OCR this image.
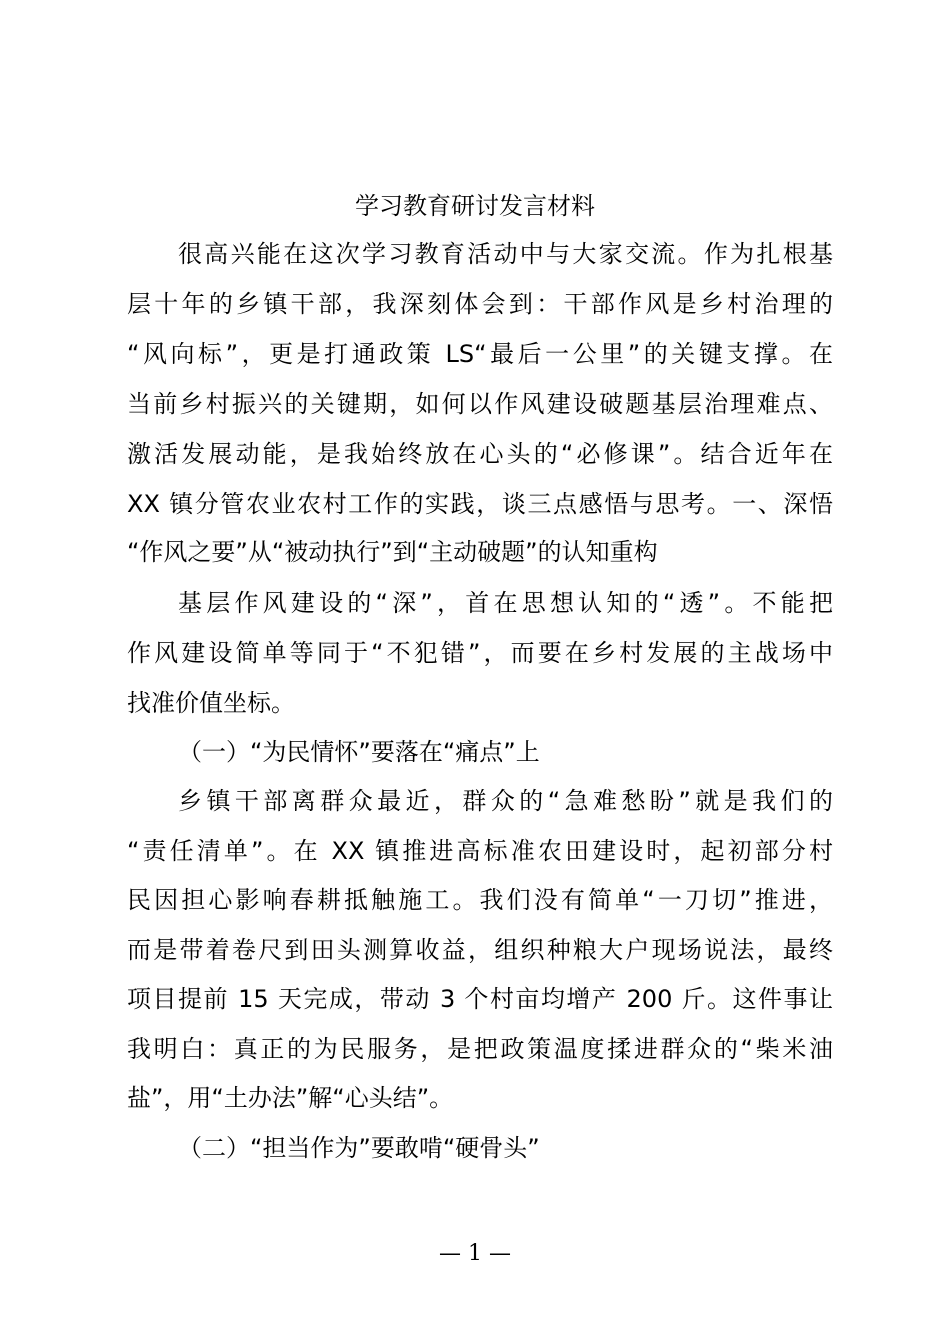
学习教育研讨发言材料
很高兴能在这次学习教育活动中与大家交流。作为扎根基
层十年的乡镇干部，我深刻体会到：干部作风是乡村治理的
“风向标”，更是打通政策 LS“最后一公里”的关键支撑。在
当前乡村振兴的关键期，如何以作风建设破题基层治理难点、
激活发展动能，是我始终放在心头的“必修课”。结合近年在
XX 镇分管农业农村工作的实践，谈三点感悟与思考。一、深悟
“作风之要”从“被动执行”到“主动破题”的认知重构
基层作风建设的“深”，首在思想认知的“透”。不能把
作风建设简单等同于“不犯错”，而要在乡村发展的主战场中
找准价值坐标。
（一）“为民情怀”要落在“痛点”上
乡镇干部离群众最近，群众的“急难愁盼”就是我们的
“责任清单”。在 XX 镇推进高标准农田建设时，起初部分村
民因担心影响春耕抵触施工。我们没有简单“一刀切”推进，
而是带着卷尺到田头测算收益，组织种粮大户现场说法，最终
项目提前 15 天完成，带动 3 个村亩均增产 200 斤。这件事让
我明白：真正的为民服务，是把政策温度揉进群众的“柴米油
盐”，用“土办法”解“心头结”。
（二）“担当作为”要敢啃“硬骨头”
— 1 —
